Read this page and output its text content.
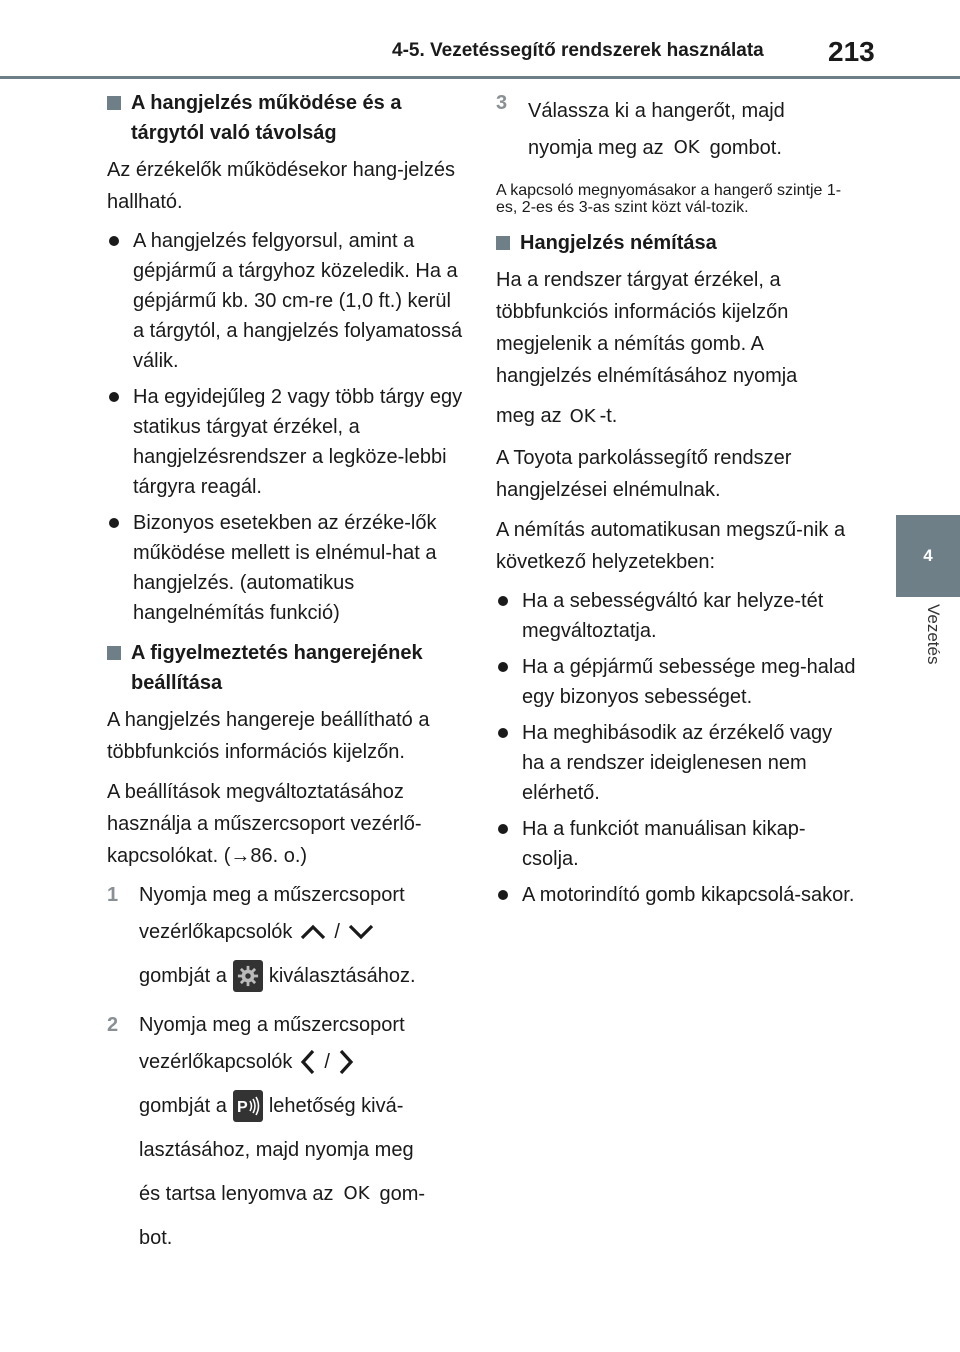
4-5. Vezetéssegítő rendszerek használata 213
4
Vezetés
A hangjelzés működése és a tárgytól való távolság

Az érzékelők működésekor hang-jelzés hallható.

A hangjelzés felgyorsul, amint a gépjármű a tárgyhoz közeledik. Ha a gépjármű kb. 30 cm-re (1,0 ft.) kerül a tárgytól, a hangjelzés folyamatossá válik.
Ha egyidejűleg 2 vagy több tárgy egy statikus tárgyat érzékel, a hangjelzésrendszer a legköze-lebbi tárgyra reagál.
Bizonyos esetekben az érzéke-lők működése mellett is elnémul-hat a hangjelzés. (automatikus hangelnémítás funkció)
A figyelmeztetés hangerejének beállítása

A hangjelzés hangereje beállítható a többfunkciós információs kijelzőn.

A beállítások megváltoztatásához használja a műszercsoport vezérlő-kapcsolókat. (→86. o.)

1	Nyomja meg a műszercsoport
vezérlőkapcsolók /
gombját a kiválasztásához.
2	Nyomja meg a műszercsoport
vezérlőkapcsolók /
gombját a P lehetőség kivá-
lasztásához, majd nyomja meg
és tartsa lenyomva az OK gom-
bot.
3	Válassza ki a hangerőt, majd
nyomja meg az OK gombot.

A kapcsoló megnyomásakor a hangerő szintje 1-es, 2-es és 3-as szint közt vál-tozik.

Hangjelzés némítása

Ha a rendszer tárgyat érzékel, a többfunkciós információs kijelzőn megjelenik a némítás gomb. A hangjelzés elnémításához nyomja

meg az OK -t.

A Toyota parkolássegítő rendszer hangjelzései elnémulnak.

A némítás automatikusan megszű-nik a következő helyzetekben:

Ha a sebességváltó kar helyze-tét megváltoztatja.
Ha a gépjármű sebessége meg-halad egy bizonyos sebességet.
Ha meghibásodik az érzékelő vagy ha a rendszer ideiglenesen nem elérhető.
Ha a funkciót manuálisan kikap-csolja.
A motorindító gomb kikapcsolá-sakor.
